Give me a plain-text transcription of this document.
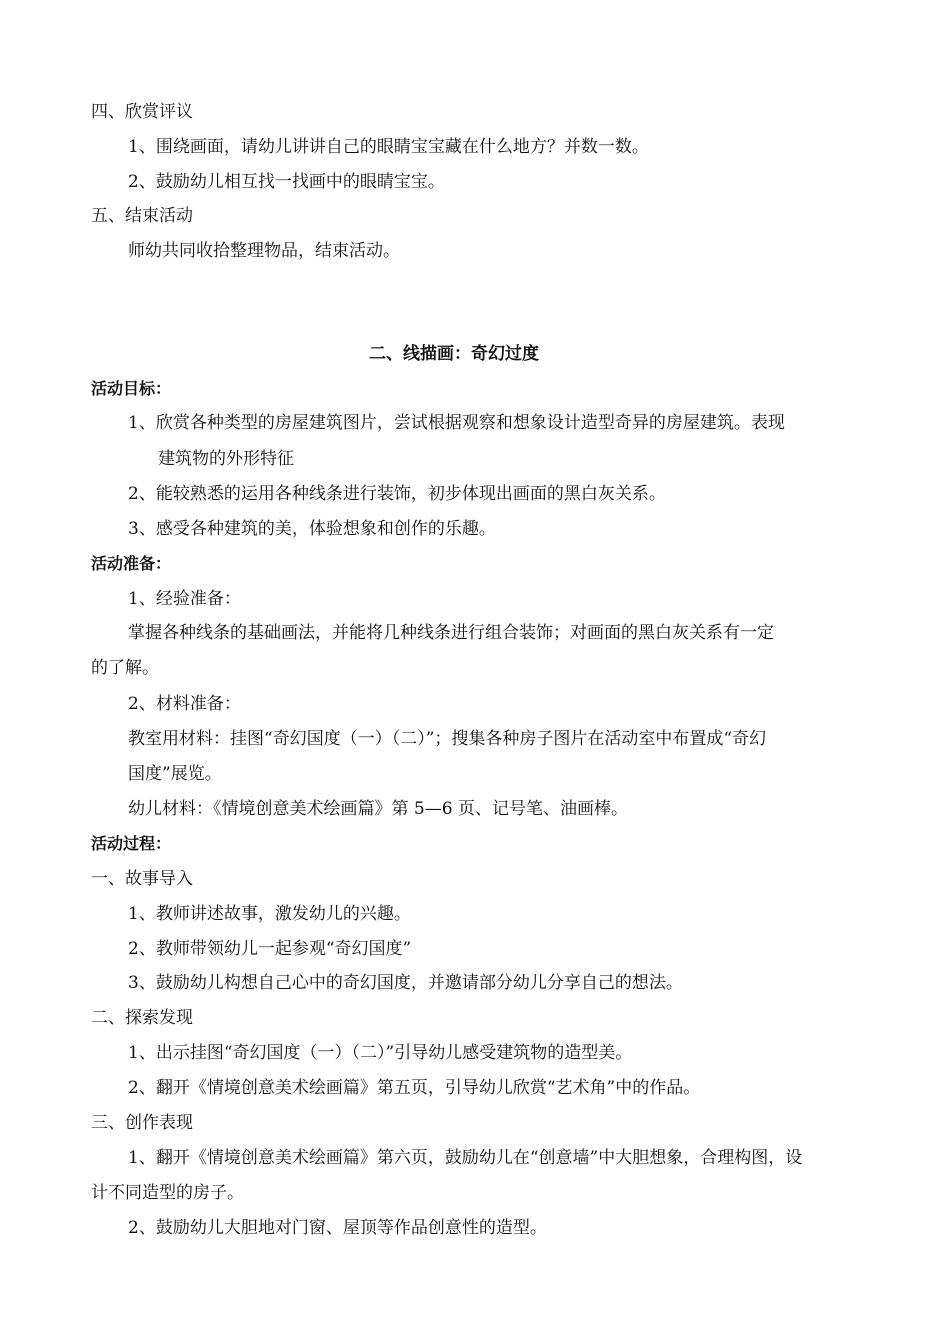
四、欣赏评议
1、围绕画面，请幼儿讲讲自己的眼睛宝宝藏在什么地方？并数一数。
2、鼓励幼儿相互找一找画中的眼睛宝宝。
五、结束活动
师幼共同收拾整理物品，结束活动。
二、线描画：奇幻过度
活动目标：
1、欣赏各种类型的房屋建筑图片，尝试根据观察和想象设计造型奇异的房屋建筑。表现
建筑物的外形特征
2、能较熟悉的运用各种线条进行装饰，初步体现出画面的黑白灰关系。
3、感受各种建筑的美，体验想象和创作的乐趣。
活动准备：
1、经验准备：
掌握各种线条的基础画法，并能将几种线条进行组合装饰；对画面的黑白灰关系有一定
的了解。
2、材料准备：
教室用材料：挂图“奇幻国度（一）（二）”；搜集各种房子图片在活动室中布置成“奇幻
国度”展览。
幼儿材料：《情境创意美术绘画篇》第 5—6 页、记号笔、油画棒。
活动过程：
一、故事导入
1、教师讲述故事，激发幼儿的兴趣。
2、教师带领幼儿一起参观“奇幻国度”
3、鼓励幼儿构想自己心中的奇幻国度，并邀请部分幼儿分享自己的想法。
二、探索发现
1、出示挂图“奇幻国度（一）（二）”引导幼儿感受建筑物的造型美。
2、翻开《情境创意美术绘画篇》第五页，引导幼儿欣赏“艺术角”中的作品。
三、创作表现
1、翻开《情境创意美术绘画篇》第六页，鼓励幼儿在“创意墙”中大胆想象，合理构图，设
计不同造型的房子。
2、鼓励幼儿大胆地对门窗、屋顶等作品创意性的造型。
